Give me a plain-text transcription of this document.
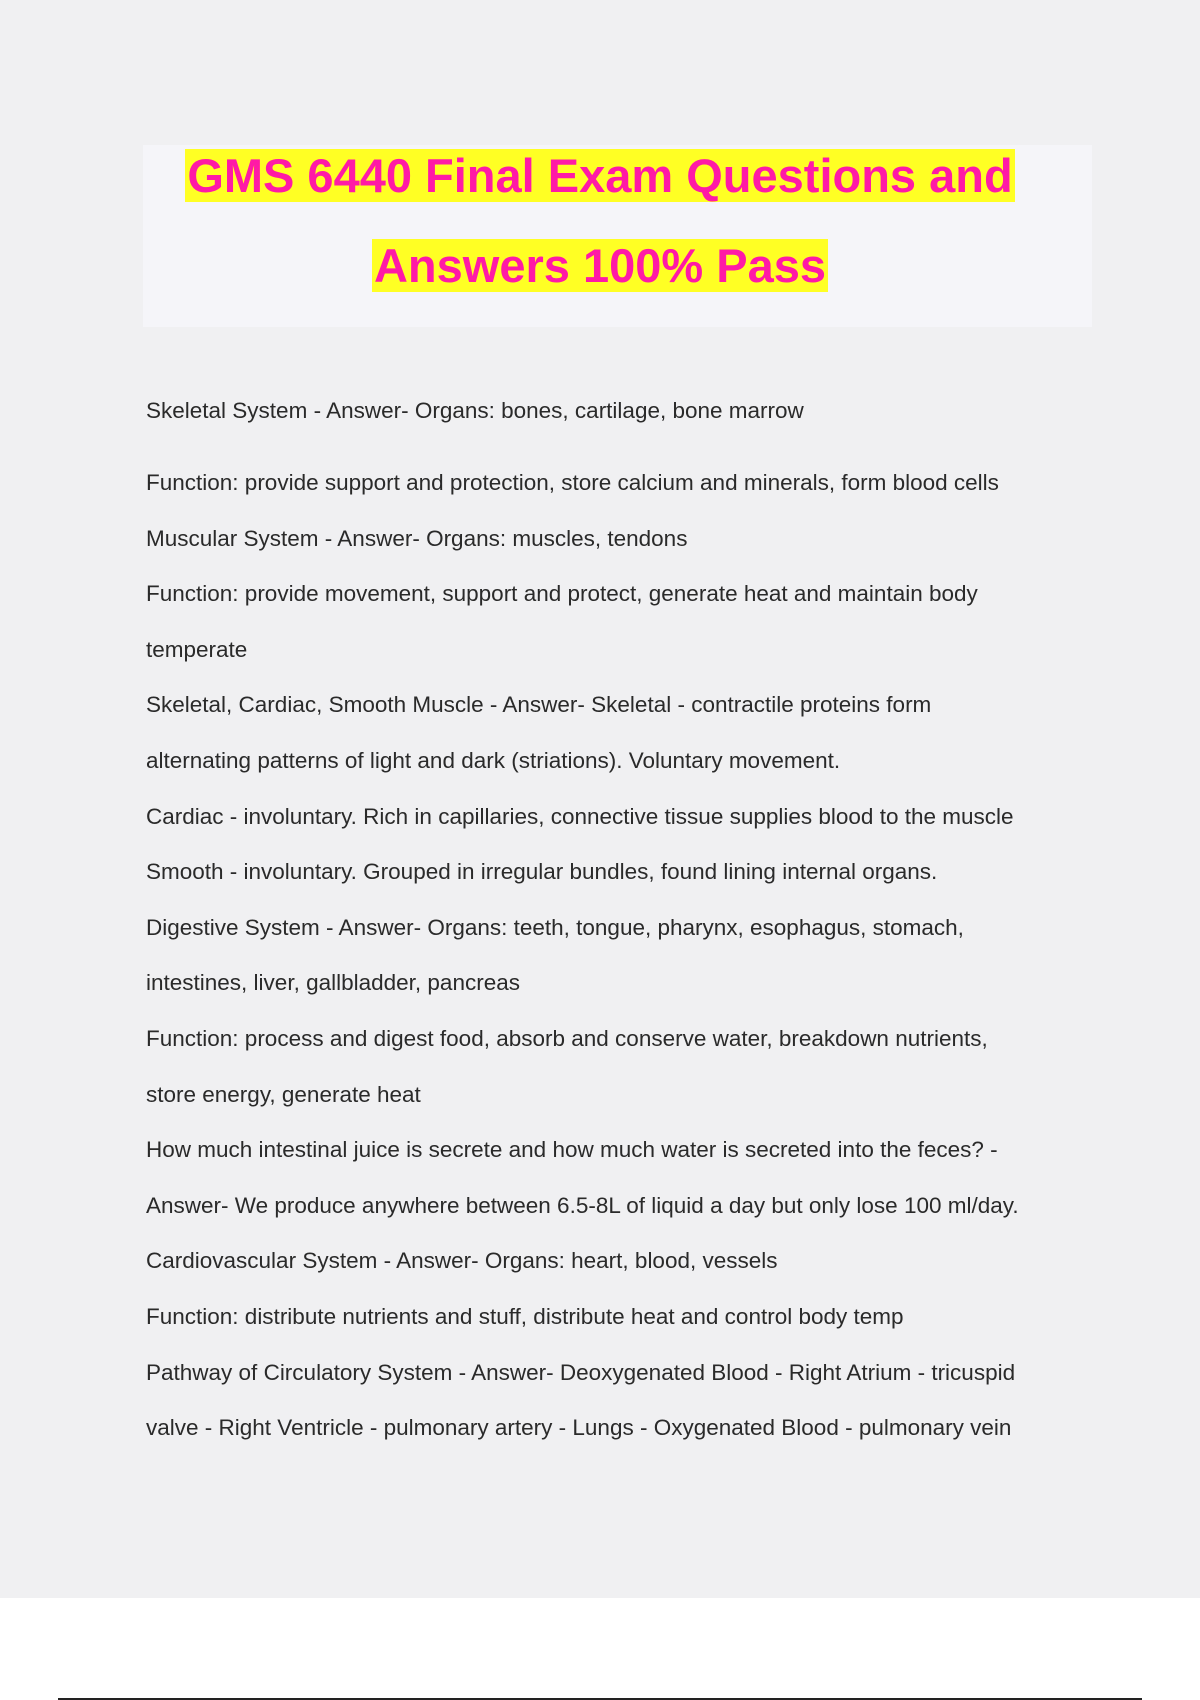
GMS 6440 Final Exam Questions and
Answers 100% Pass
Skeletal System - Answer- Organs: bones, cartilage, bone marrow
Function: provide support and protection, store calcium and minerals, form blood cells
Muscular System - Answer- Organs: muscles, tendons
Function: provide movement, support and protect, generate heat and maintain body
temperate
Skeletal, Cardiac, Smooth Muscle - Answer- Skeletal - contractile proteins form
alternating patterns of light and dark (striations). Voluntary movement.
Cardiac - involuntary. Rich in capillaries, connective tissue supplies blood to the muscle
Smooth - involuntary. Grouped in irregular bundles, found lining internal organs.
Digestive System - Answer- Organs: teeth, tongue, pharynx, esophagus, stomach,
intestines, liver, gallbladder, pancreas
Function: process and digest food, absorb and conserve water, breakdown nutrients,
store energy, generate heat
How much intestinal juice is secrete and how much water is secreted into the feces? -
Answer- We produce anywhere between 6.5-8L of liquid a day but only lose 100 ml/day.
Cardiovascular System - Answer- Organs: heart, blood, vessels
Function: distribute nutrients and stuff, distribute heat and control body temp
Pathway of Circulatory System - Answer- Deoxygenated Blood - Right Atrium - tricuspid
valve - Right Ventricle - pulmonary artery - Lungs - Oxygenated Blood - pulmonary vein
